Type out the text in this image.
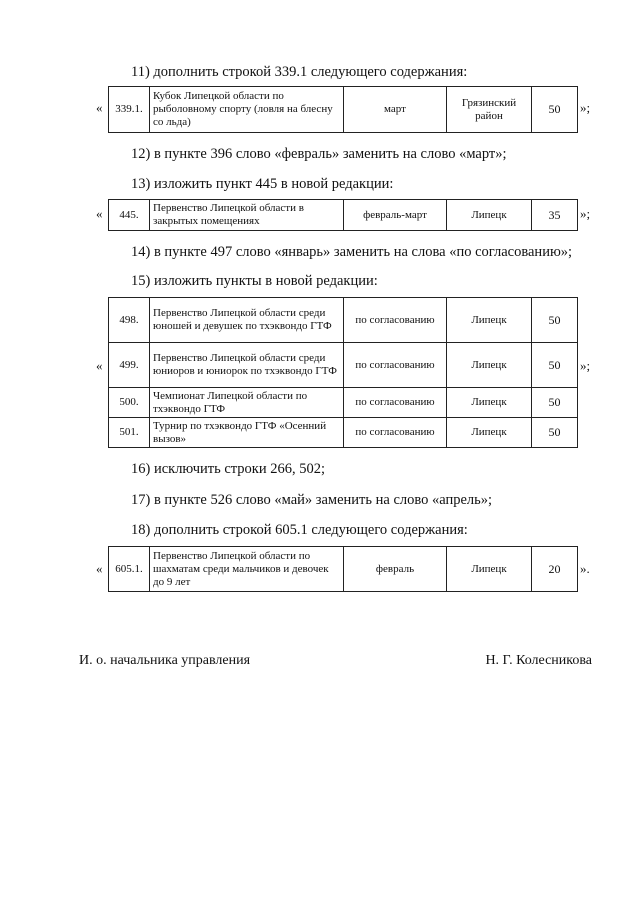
11) дополнить строкой 339.1 следующего содержания:
« 339.1.	Кубок Липецкой области по рыболовному спорту (ловля на блесну со льда)	март	Грязинский район	50 »;
12) в пункте 396 слово «февраль» заменить на слово «март»;
13) изложить пункт 445 в новой редакции:
« 445.	Первенство Липецкой области в закрытых помещениях	февраль-март	Липецк	35 »;
14) в пункте 497 слово «январь» заменить на слова «по согласованию»;
15) изложить пункты в новой редакции:
«
498.	Первенство Липецкой области среди юношей и девушек по тхэквондо ГТФ	по согласованию	Липецк	50
499.	Первенство Липецкой области среди юниоров и юниорок по тхэквондо ГТФ	по согласованию	Липецк	50
500.	Чемпионат Липецкой области по тхэквондо ГТФ	по согласованию	Липецк	50
501.	Турнир по тхэквондо ГТФ «Осенний вызов»	по согласованию	Липецк	50
»;
16) исключить строки 266, 502;
17) в пункте 526 слово «май» заменить на слово «апрель»;
18) дополнить строкой 605.1 следующего содержания:
« 605.1.	Первенство Липецкой области по шахматам среди мальчиков и девочек до 9 лет	февраль	Липецк	20 ».
И. о. начальника управления	Н. Г. Колесникова
